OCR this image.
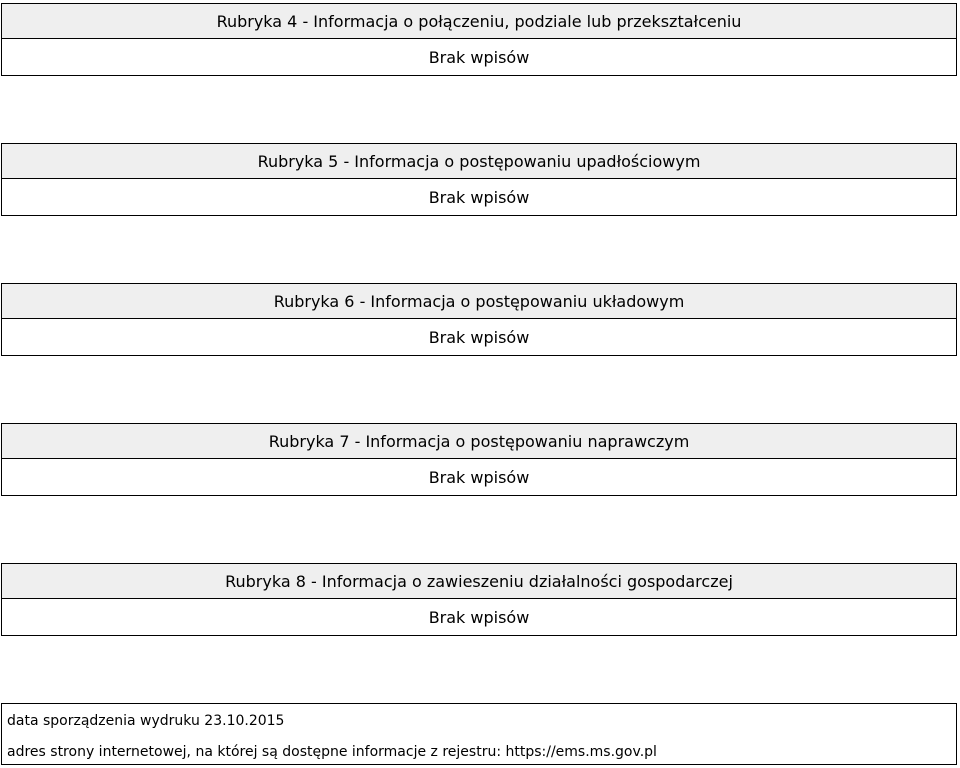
Rubryka 4 - Informacja o połączeniu, podziale lub przekształceniu
Brak wpisów
Rubryka 5 - Informacja o postępowaniu upadłościowym
Brak wpisów
Rubryka 6 - Informacja o postępowaniu układowym
Brak wpisów
Rubryka 7 - Informacja o postępowaniu naprawczym
Brak wpisów
Rubryka 8 - Informacja o zawieszeniu działalności gospodarczej
Brak wpisów
data sporządzenia wydruku 23.10.2015
adres strony internetowej, na której są dostępne informacje z rejestru: https://ems.ms.gov.pl
